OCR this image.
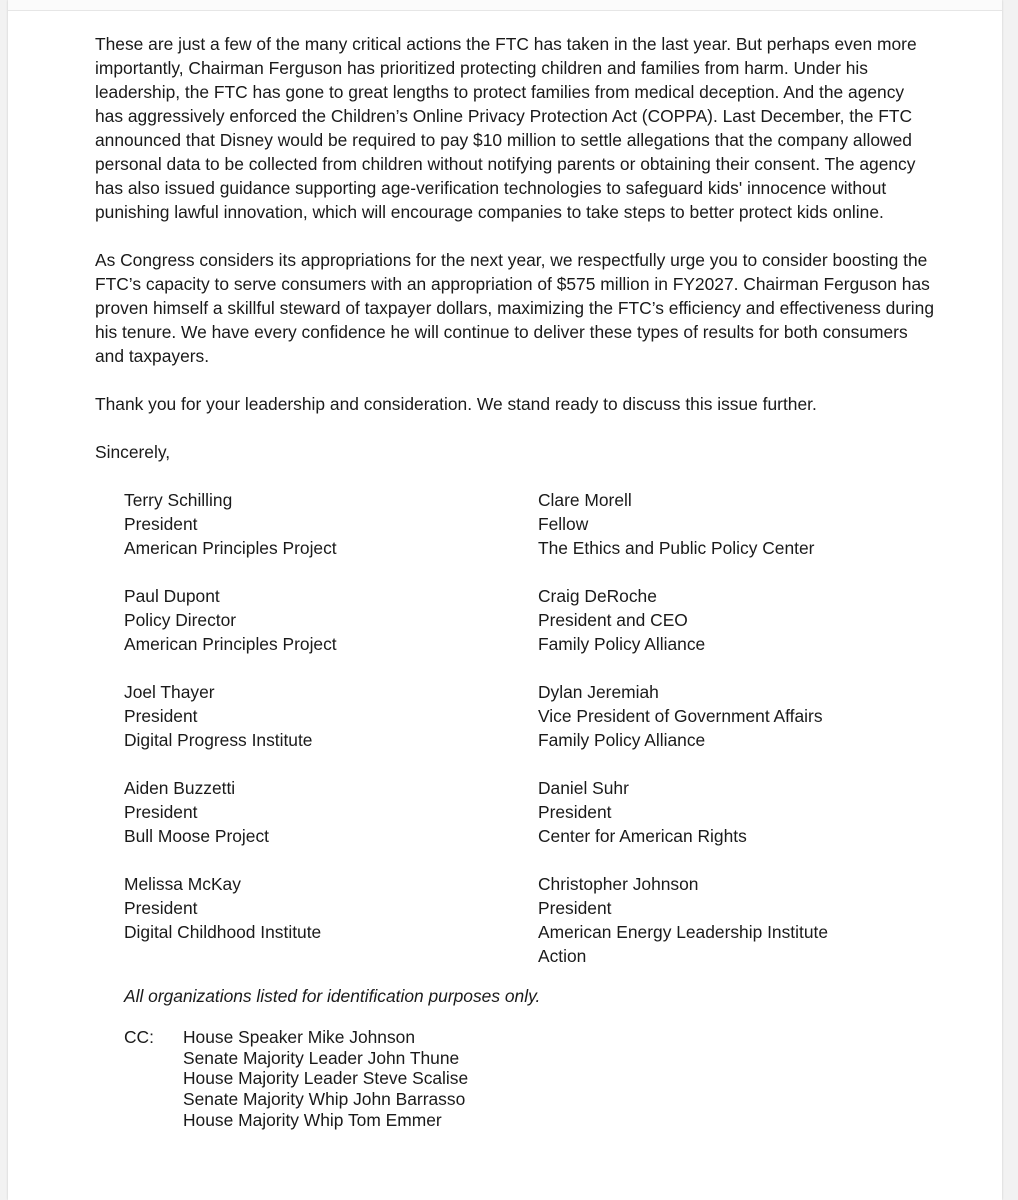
These are just a few of the many critical actions the FTC has taken in the last year. But perhaps even more importantly, Chairman Ferguson has prioritized protecting children and families from harm. Under his leadership, the FTC has gone to great lengths to protect families from medical deception. And the agency has aggressively enforced the Children’s Online Privacy Protection Act (COPPA). Last December, the FTC announced that Disney would be required to pay $10 million to settle allegations that the company allowed personal data to be collected from children without notifying parents or obtaining their consent. The agency has also issued guidance supporting age-verification technologies to safeguard kids' innocence without punishing lawful innovation, which will encourage companies to take steps to better protect kids online.

As Congress considers its appropriations for the next year, we respectfully urge you to consider boosting the FTC’s capacity to serve consumers with an appropriation of $575 million in FY2027. Chairman Ferguson has proven himself a skillful steward of taxpayer dollars, maximizing the FTC’s efficiency and effectiveness during his tenure. We have every confidence he will continue to deliver these types of results for both consumers and taxpayers.

Thank you for your leadership and consideration. We stand ready to discuss this issue further.

Sincerely,

Terry Schilling
President
American Principles Project
Clare Morell
Fellow
The Ethics and Public Policy Center
Paul Dupont
Policy Director
American Principles Project
Craig DeRoche
President and CEO
Family Policy Alliance
Joel Thayer
President
Digital Progress Institute
Dylan Jeremiah
Vice President of Government Affairs
Family Policy Alliance
Aiden Buzzetti
President
Bull Moose Project
Daniel Suhr
President
Center for American Rights
Melissa McKay
President
Digital Childhood Institute
Christopher Johnson
President
American Energy Leadership Institute Action

All organizations listed for identification purposes only.

CC:	House Speaker Mike Johnson
Senate Majority Leader John Thune
House Majority Leader Steve Scalise
Senate Majority Whip John Barrasso
House Majority Whip Tom Emmer
